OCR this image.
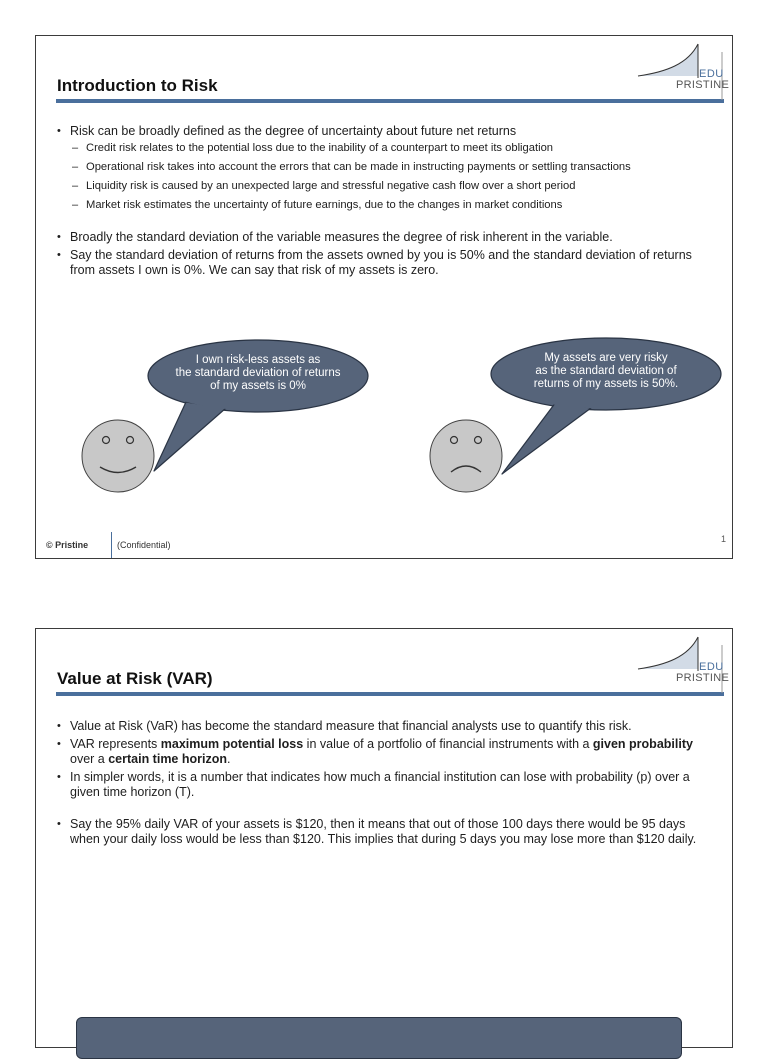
Introduction to Risk
EDU
PRISTINE
• Risk can be broadly defined as the degree of uncertainty about future net returns
– Credit risk relates to the potential loss due to the inability of a counterpart to meet its obligation
– Operational risk takes into account the errors that can be made in instructing payments or settling transactions
– Liquidity risk is caused by an unexpected large and stressful negative cash flow over a short period
– Market risk estimates the uncertainty of future earnings, due to the changes in market conditions
• Broadly the standard deviation of the variable measures the degree of risk inherent in the variable.
• Say the standard deviation of returns from the assets owned by you is 50% and the standard deviation of returns from assets I own is 0%. We can say that risk of my assets is zero.
I own risk-less assets as
the standard deviation of returns
of my assets is 0%
My assets are very risky
as the standard deviation of
returns of my assets is 50%.
© Pristine	(Confidential)
1
Value at Risk (VAR)
EDU
PRISTINE
• Value at Risk (VaR) has become the standard measure that financial analysts use to quantify this risk.
• VAR represents maximum potential loss in value of a portfolio of financial instruments with a given probability over a certain time horizon.
• In simpler words, it is a number that indicates how much a financial institution can lose with probability (p) over a given time horizon (T).
• Say the 95% daily VAR of your assets is $120, then it means that out of those 100 days there would be 95 days when your daily loss would be less than $120. This implies that during 5 days you may lose more than $120 daily.
